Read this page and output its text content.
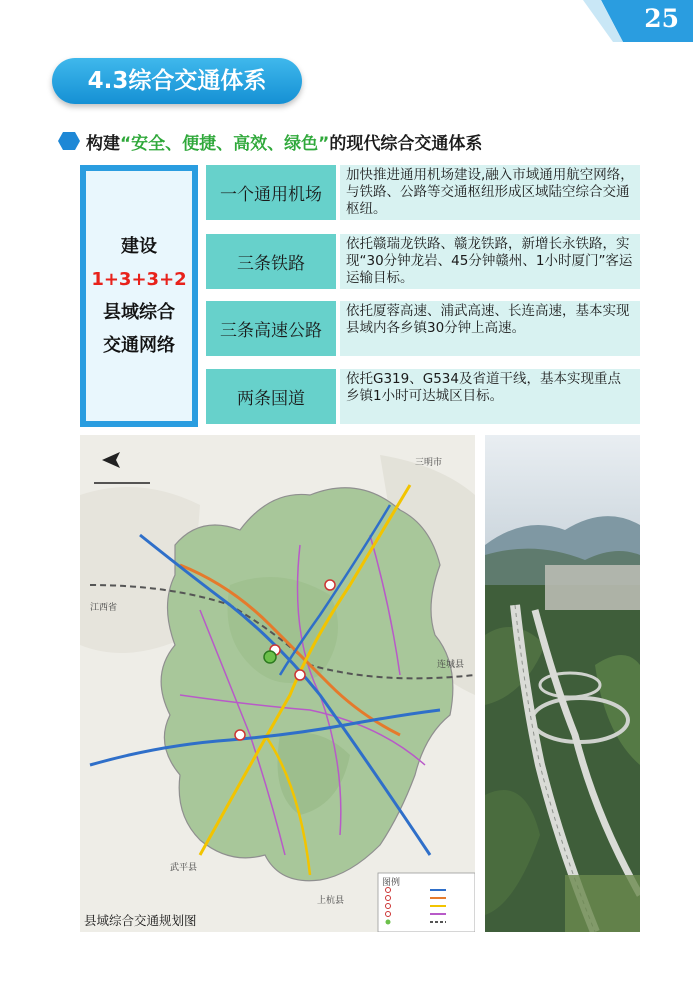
25
4.3综合交通体系
构建 “安全、便捷、高效、绿色” 的现代综合交通体系
建设
1+3+3+2
县域综合
交通网络
一个通用机场
加快推进通用机场建设,融入市域通用航空网络，与铁路、公路等交通枢纽形成区域陆空综合交通枢纽。
三条铁路
依托赣瑞龙铁路、赣龙铁路，新增长永铁路，实现“30分钟龙岩、45分钟赣州、1小时厦门”客运运输目标。
三条高速公路
依托厦蓉高速、浦武高速、长连高速，基本实现县域内各乡镇30分钟上高速。
两条国道
依托G319、G534及省道干线，基本实现重点乡镇1小时可达城区目标。
三明市
江西省
连城县
武平县
上杭县
图例
县域综合交通规划图
